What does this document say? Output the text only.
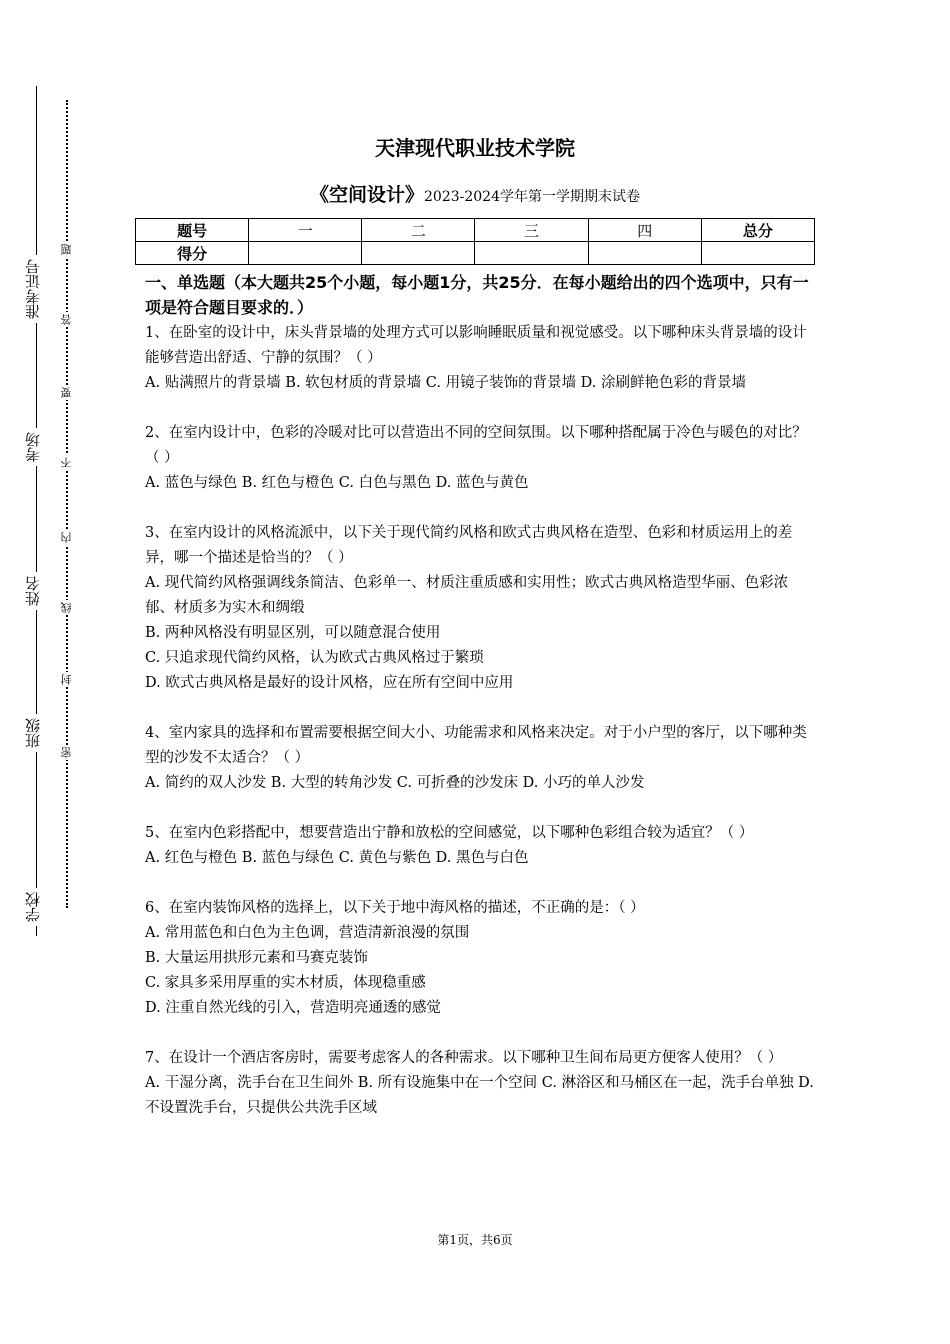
准考证号
考场
姓名
班级
学校
题
答
要
不
内
线
封
密
天津现代职业技术学院
《空间设计》2023-2024学年第一学期期末试卷
题号	一	二	三	四	总分
得分					
一、单选题（本大题共25个小题，每小题1分，共25分．在每小题给出的四个选项中，只有一项是符合题目要求的．）

1、在卧室的设计中，床头背景墙的处理方式可以影响睡眠质量和视觉感受。以下哪种床头背景墙的设计能够营造出舒适、宁静的氛围？（ ）

A. 贴满照片的背景墙 B. 软包材质的背景墙 C. 用镜子装饰的背景墙 D. 涂刷鲜艳色彩的背景墙

2、在室内设计中，色彩的冷暖对比可以营造出不同的空间氛围。以下哪种搭配属于冷色与暖色的对比？（ ）

A. 蓝色与绿色 B. 红色与橙色 C. 白色与黑色 D. 蓝色与黄色

3、在室内设计的风格流派中，以下关于现代简约风格和欧式古典风格在造型、色彩和材质运用上的差异，哪一个描述是恰当的？（ ）

A. 现代简约风格强调线条简洁、色彩单一、材质注重质感和实用性；欧式古典风格造型华丽、色彩浓郁、材质多为实木和绸缎

B. 两种风格没有明显区别，可以随意混合使用

C. 只追求现代简约风格，认为欧式古典风格过于繁琐

D. 欧式古典风格是最好的设计风格，应在所有空间中应用

4、室内家具的选择和布置需要根据空间大小、功能需求和风格来决定。对于小户型的客厅，以下哪种类型的沙发不太适合？（ ）

A. 简约的双人沙发 B. 大型的转角沙发 C. 可折叠的沙发床 D. 小巧的单人沙发

5、在室内色彩搭配中，想要营造出宁静和放松的空间感觉，以下哪种色彩组合较为适宜？（ ）

A. 红色与橙色 B. 蓝色与绿色 C. 黄色与紫色 D. 黑色与白色

6、在室内装饰风格的选择上，以下关于地中海风格的描述，不正确的是：（ ）

A. 常用蓝色和白色为主色调，营造清新浪漫的氛围

B. 大量运用拱形元素和马赛克装饰

C. 家具多采用厚重的实木材质，体现稳重感

D. 注重自然光线的引入，营造明亮通透的感觉

7、在设计一个酒店客房时，需要考虑客人的各种需求。以下哪种卫生间布局更方便客人使用？（ ）

A. 干湿分离，洗手台在卫生间外 B. 所有设施集中在一个空间 C. 淋浴区和马桶区在一起，洗手台单独 D. 不设置洗手台，只提供公共洗手区域

第1页，共6页
